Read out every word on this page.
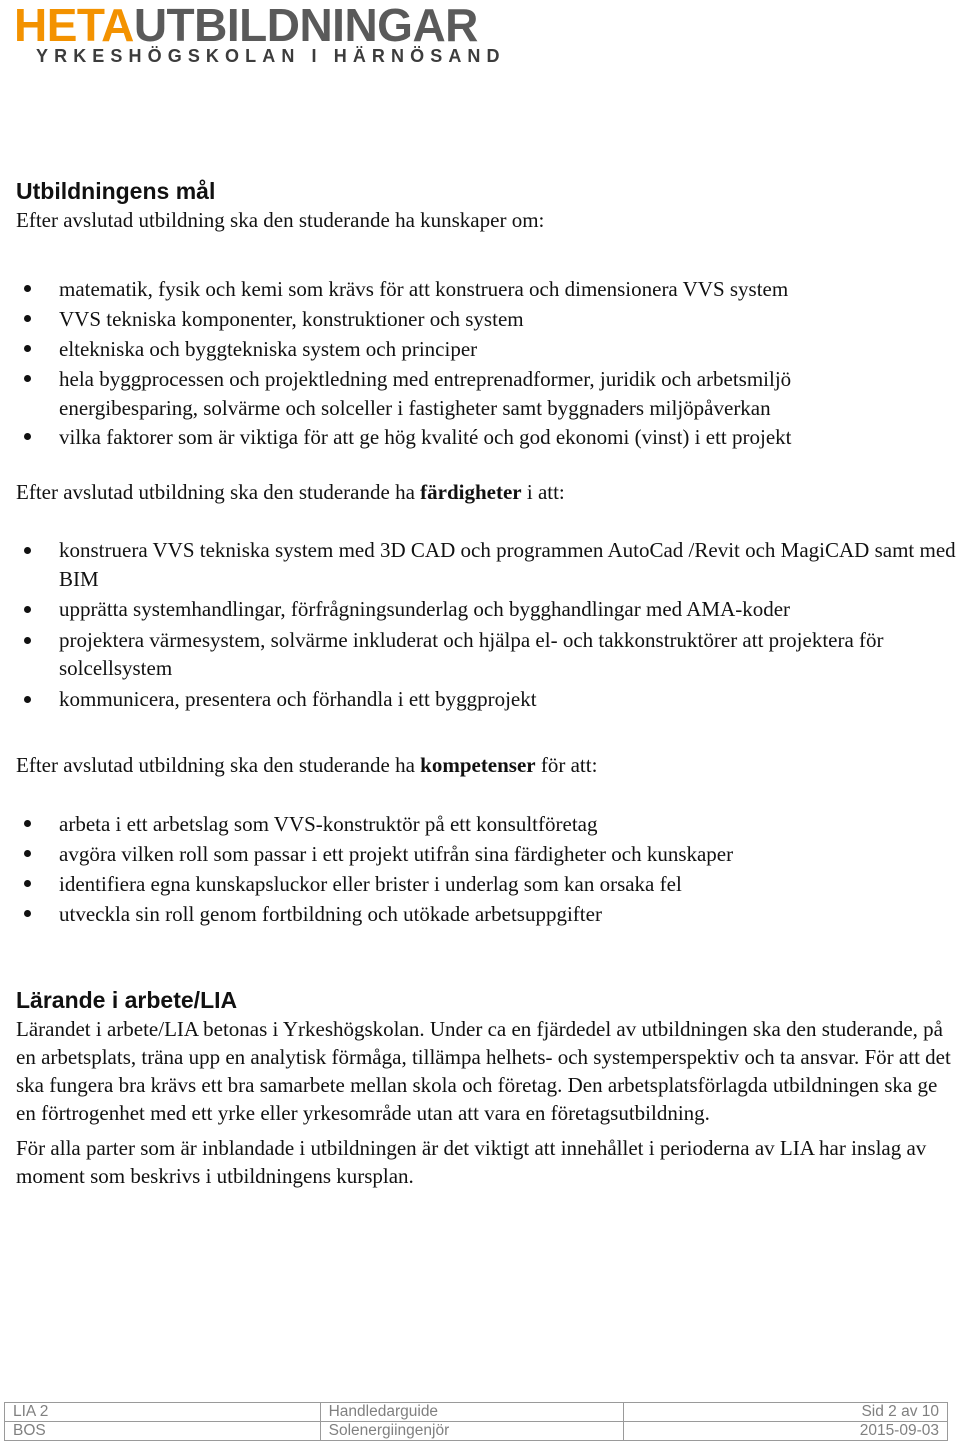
HETAUTBILDNINGAR
YRKESHÖGSKOLAN I HÄRNÖSAND
Utbildningens mål

Efter avslutad utbildning ska den studerande ha kunskaper om:

matematik, fysik och kemi som krävs för att konstruera och dimensionera VVS system
VVS tekniska komponenter, konstruktioner och system
eltekniska och byggtekniska system och principer
hela byggprocessen och projektledning med entreprenadformer, juridik och arbetsmiljö
energibesparing, solvärme och solceller i fastigheter samt byggnaders miljöpåverkan
vilka faktorer som är viktiga för att ge hög kvalité och god ekonomi (vinst) i ett projekt

Efter avslutad utbildning ska den studerande ha färdigheter i att:

konstruera VVS tekniska system med 3D CAD och programmen AutoCad /Revit och MagiCAD samt med BIM
upprätta systemhandlingar, förfrågningsunderlag och bygghandlingar med AMA-koder
projektera värmesystem, solvärme inkluderat och hjälpa el- och takkonstruktörer att projektera för solcellsystem
kommunicera, presentera och förhandla i ett byggprojekt

Efter avslutad utbildning ska den studerande ha kompetenser för att:

arbeta i ett arbetslag som VVS-konstruktör på ett konsultföretag
avgöra vilken roll som passar i ett projekt utifrån sina färdigheter och kunskaper
identifiera egna kunskapsluckor eller brister i underlag som kan orsaka fel
utveckla sin roll genom fortbildning och utökade arbetsuppgifter
Lärande i arbete/LIA

Lärandet i arbete/LIA betonas i Yrkeshögskolan. Under ca en fjärdedel av utbildningen ska den studerande, på en arbetsplats, träna upp en analytisk förmåga, tillämpa helhets- och systemperspektiv och ta ansvar. För att det ska fungera bra krävs ett bra samarbete mellan skola och företag. Den arbetsplatsförlagda utbildningen ska ge en förtrogenhet med ett yrke eller yrkesområde utan att vara en företagsutbildning.

För alla parter som är inblandade i utbildningen är det viktigt att innehållet i perioderna av LIA har inslag av moment som beskrivs i utbildningens kursplan.

LIA 2	Handledarguide	Sid 2 av 10
BOS	Solenergiingenjör	2015-09-03
